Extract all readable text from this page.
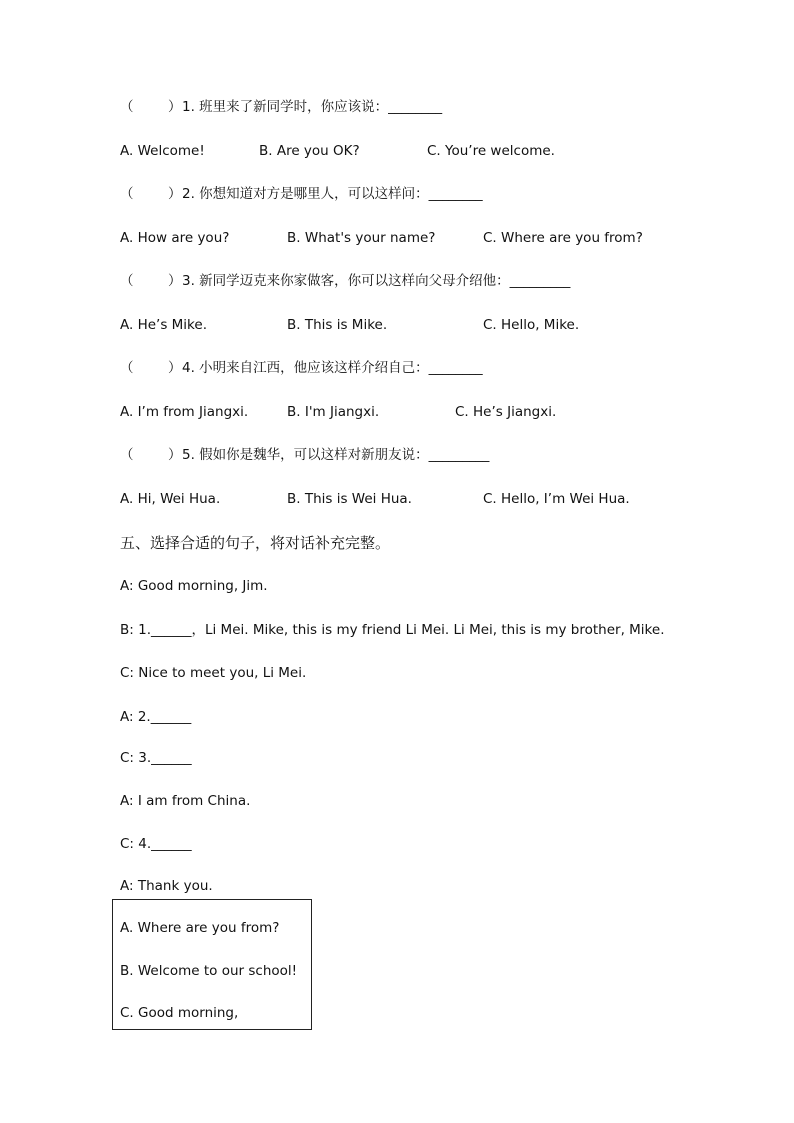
（	） 1. 班里来了新同学时，你应该说：________
A. Welcome!	B. Are you OK?	C. You’re welcome.
（	） 2. 你想知道对方是哪里人，可以这样问：________
A. How are you?	B. What's your name?	C. Where are you from?
（	） 3. 新同学迈克来你家做客，你可以这样向父母介绍他：_________
A. He’s Mike.	B. This is Mike.	C. Hello, Mike.
（	） 4. 小明来自江西，他应该这样介绍自己：________
A. I’m from Jiangxi.	B. I'm Jiangxi.	C. He’s Jiangxi.
（	） 5. 假如你是魏华，可以这样对新朋友说：_________
A. Hi, Wei Hua.	B. This is Wei Hua.	C. Hello, I’m Wei Hua.
五、选择合适的句子，将对话补充完整。
A: Good morning, Jim.
B: 1.______，Li Mei. Mike, this is my friend Li Mei. Li Mei, this is my brother, Mike.
C: Nice to meet you, Li Mei.
A: 2.______
C: 3.______
A: I am from China.
C: 4.______
A: Thank you.
A. Where are you from?
B. Welcome to our school!
C. Good morning,
